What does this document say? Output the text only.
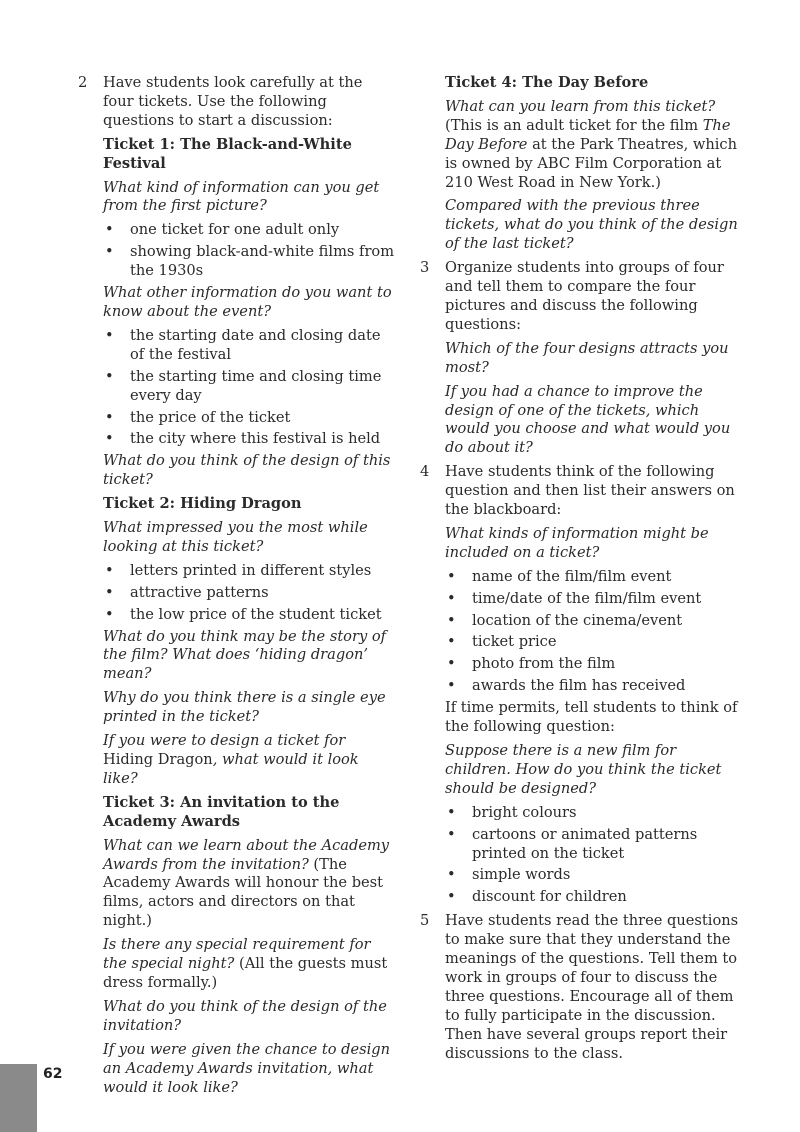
2 Have students look carefully at the four tickets. Use the following questions to start a discussion:

Ticket 1: The Black-and-White Festival

What kind of information can you get from the first picture?

• one ticket for one adult only
• showing black-and-white films from the 1930s

What other information do you want to know about the event?

• the starting date and closing date of the festival
• the starting time and closing time every day
• the price of the ticket
• the city where this festival is held

What do you think of the design of this ticket?

Ticket 2: Hiding Dragon

What impressed you the most while looking at this ticket?

• letters printed in different styles
• attractive patterns
• the low price of the student ticket

What do you think may be the story of the film? What does ‘hiding dragon’ mean?

Why do you think there is a single eye printed in the ticket?

If you were to design a ticket for Hiding Dragon, what would it look like?

Ticket 3: An invitation to the Academy Awards

What can we learn about the Academy Awards from the invitation? (The Academy Awards will honour the best films, actors and directors on that night.)

Is there any special requirement for the special night? (All the guests must dress formally.)

What do you think of the design of the invitation?

If you were given the chance to design an Academy Awards invitation, what would it look like?

Ticket 4: The Day Before

What can you learn from this ticket? (This is an adult ticket for the film The Day Before at the Park Theatres, which is owned by ABC Film Corporation at 210 West Road in New York.)

Compared with the previous three tickets, what do you think of the design of the last ticket?

3 Organize students into groups of four and tell them to compare the four pictures and discuss the following questions:

Which of the four designs attracts you most?

If you had a chance to improve the design of one of the tickets, which would you choose and what would you do about it?

4 Have students think of the following question and then list their answers on the blackboard:

What kinds of information might be included on a ticket?

• name of the film/film event
• time/date of the film/film event
• location of the cinema/event
• ticket price
• photo from the film
• awards the film has received

If time permits, tell students to think of the following question:

Suppose there is a new film for children. How do you think the ticket should be designed?

• bright colours
• cartoons or animated patterns printed on the ticket
• simple words
• discount for children
5 Have students read the three questions to make sure that they understand the meanings of the questions. Tell them to work in groups of four to discuss the three questions. Encourage all of them to fully participate in the discussion. Then have several groups report their discussions to the class.

62
